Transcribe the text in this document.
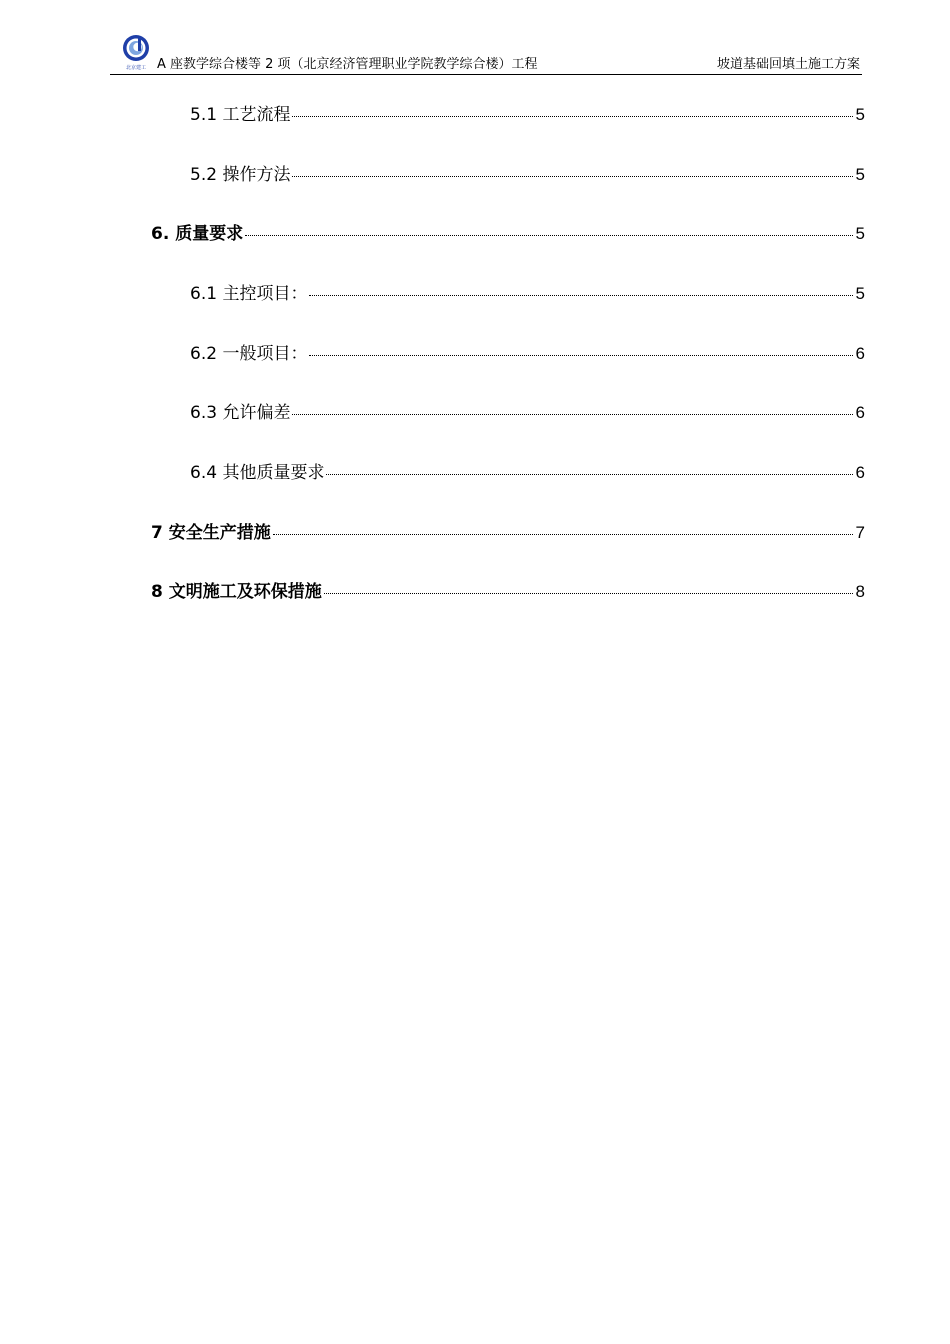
北京建工 A 座教学综合楼等 2 项（北京经济管理职业学院教学综合楼）工程	坡道基础回填土施工方案
5.1 工艺流程	5
5.2 操作方法	5
6. 质量要求	5
6.1 主控项目：	5
6.2 一般项目：	6
6.3 允许偏差	6
6.4 其他质量要求	6
7 安全生产措施	7
8 文明施工及环保措施	8
